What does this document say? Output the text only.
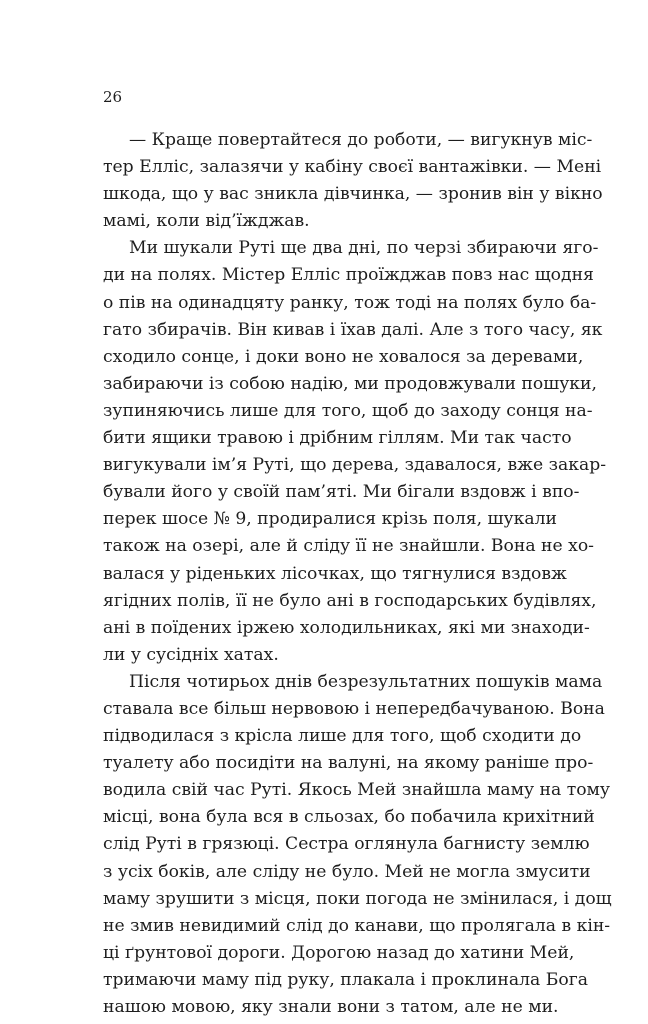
26
— Краще повертайтеся до роботи, — вигукнув міс-
тер Елліс, залазячи у кабіну своєї вантажівки. — Мені
шкода, що у вас зникла дівчинка, — зронив він у вікно
мамі, коли від’їжджав.
Ми шукали Руті ще два дні, по черзі збираючи яго-
ди на полях. Містер Елліс проїжджав повз нас щодня
о пів на одинадцяту ранку, тож тоді на полях було ба-
гато збирачів. Він кивав і їхав далі. Але з того часу, як
сходило сонце, і доки воно не ховалося за деревами,
забираючи із собою надію, ми продовжували пошуки,
зупиняючись лише для того, щоб до заходу сонця на-
бити ящики травою і дрібним гіллям. Ми так часто
вигукували ім’я Руті, що дерева, здавалося, вже закар-
бували його у своїй пам’яті. Ми бігали вздовж і впо-
перек шосе № 9, продиралися крізь поля, шукали
також на озері, але й сліду її не знайшли. Вона не хо-
валася у ріденьких лісочках, що тягнулися вздовж
ягідних полів, її не було ані в господарських будівлях,
ані в поїдених іржею холодильниках, які ми знаходи-
ли у сусідніх хатах.
Після чотирьох днів безрезультатних пошуків мама
ставала все більш нервовою і непередбачуваною. Вона
підводилася з крісла лише для того, щоб сходити до
туалету або посидіти на валуні, на якому раніше про-
водила свій час Руті. Якось Мей знайшла маму на тому
місці, вона була вся в сльозах, бо побачила крихітний
слід Руті в грязюці. Сестра оглянула багнисту землю
з усіх боків, але сліду не було. Мей не могла змусити
маму зрушити з місця, поки погода не змінилася, і дощ
не змив невидимий слід до канави, що пролягала в кін-
ці ґрунтової дороги. Дорогою назад до хатини Мей,
тримаючи маму під руку, плакала і проклинала Бога
нашою мовою, яку знали вони з татом, але не ми.
